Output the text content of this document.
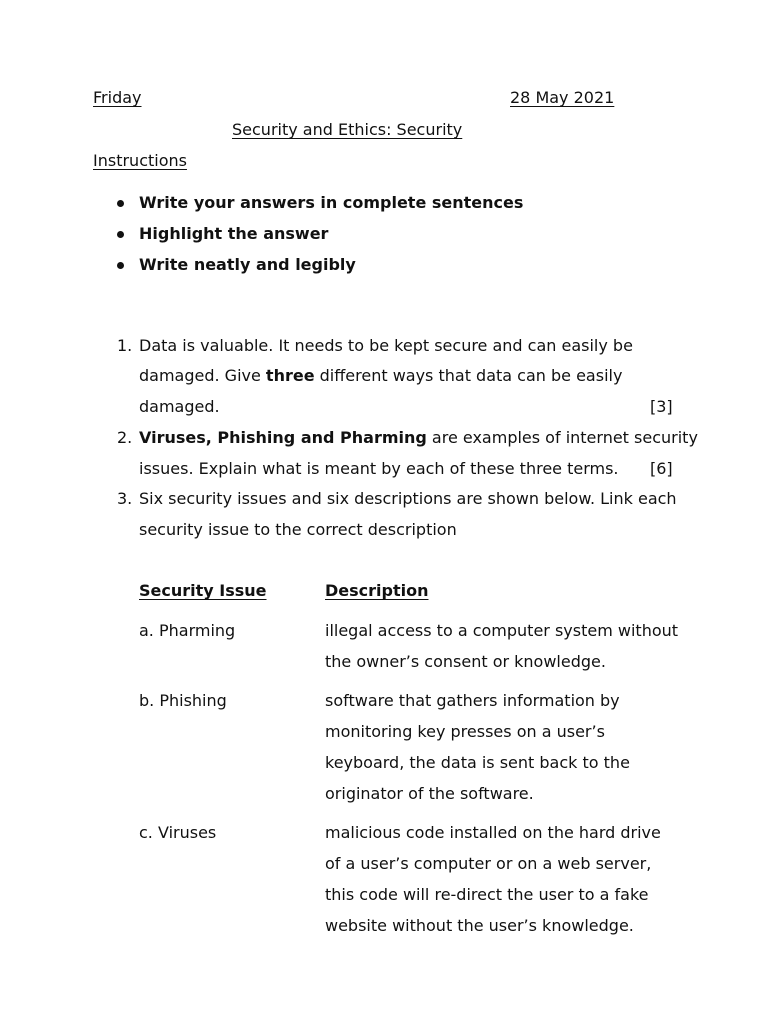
Friday	28 May 2021
Security and Ethics: Security
Instructions
Write your answers in complete sentences
Highlight the answer
Write neatly and legibly
1. Data is valuable. It needs to be kept secure and can easily be
damaged. Give three different ways that data can be easily
damaged.	[3]
2. Viruses, Phishing and Pharming are examples of internet security
issues. Explain what is meant by each of these three terms. [6]
3. Six security issues and six descriptions are shown below. Link each
security issue to the correct description
Security Issue	Description
a. Pharming	illegal access to a computer system without
the owner’s consent or knowledge.
b. Phishing	software that gathers information by
monitoring key presses on a user’s
keyboard, the data is sent back to the
originator of the software.
c. Viruses	malicious code installed on the hard drive
of a user’s computer or on a web server,
this code will re-direct the user to a fake
website without the user’s knowledge.
